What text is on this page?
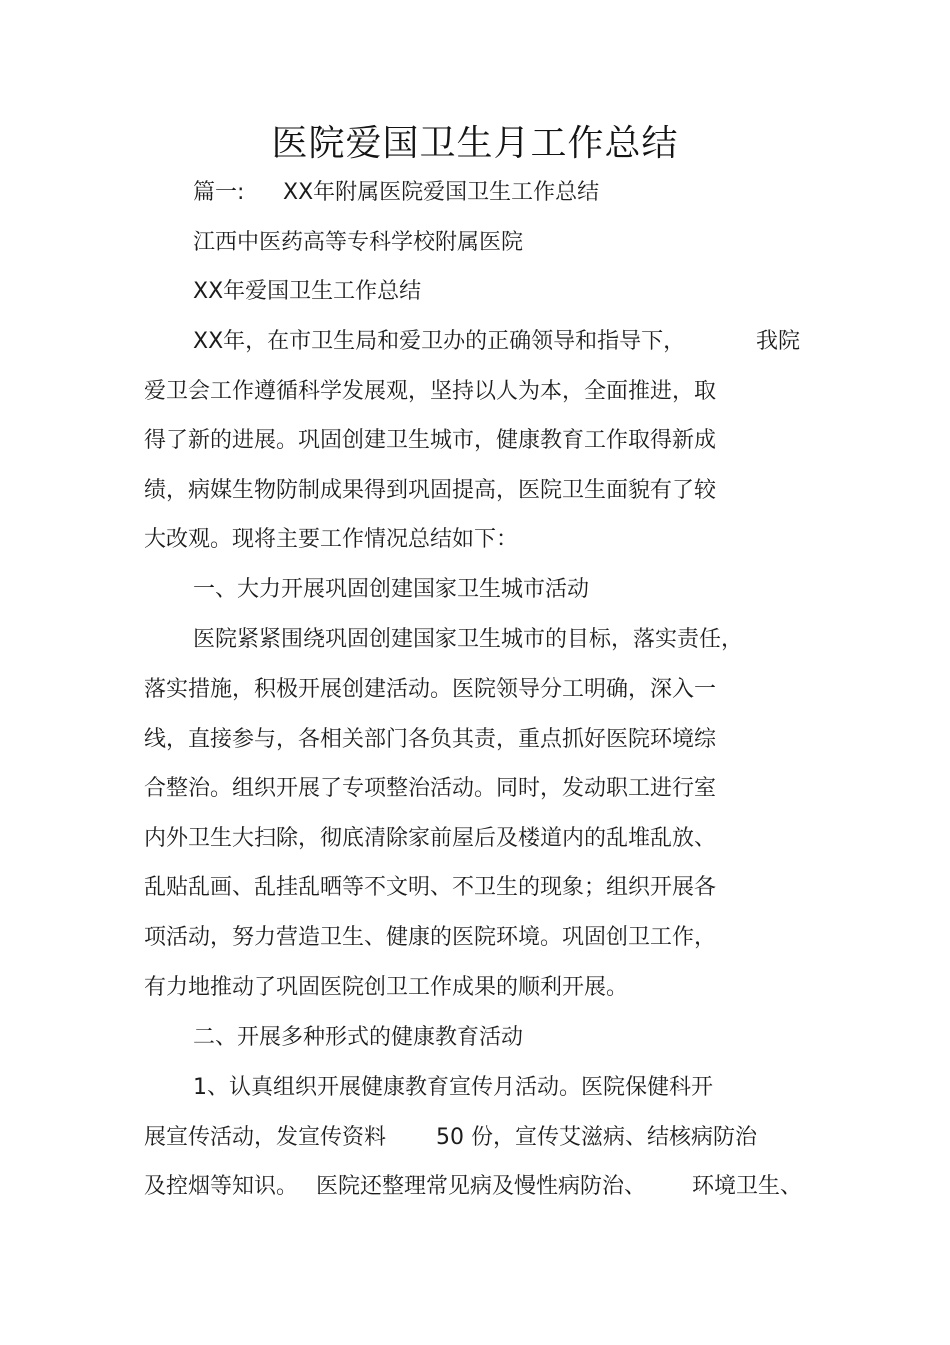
医院爱国卫生月工作总结
篇一: XX年附属医院爱国卫生工作总结
江西中医药高等专科学校附属医院
XX年爱国卫生工作总结
XX年，在市卫生局和爱卫办的正确领导和指导下，	我院
爱卫会工作遵循科学发展观，坚持以人为本，全面推进，取
得了新的进展。巩固创建卫生城市，健康教育工作取得新成
绩，病媒生物防制成果得到巩固提高，医院卫生面貌有了较
大改观。现将主要工作情况总结如下：
一、大力开展巩固创建国家卫生城市活动
医院紧紧围绕巩固创建国家卫生城市的目标，落实责任，
落实措施，积极开展创建活动。医院领导分工明确，深入一
线，直接参与，各相关部门各负其责，重点抓好医院环境综
合整治。组织开展了专项整治活动。同时，发动职工进行室
内外卫生大扫除，彻底清除家前屋后及楼道内的乱堆乱放、
乱贴乱画、乱挂乱晒等不文明、不卫生的现象；组织开展各
项活动，努力营造卫生、健康的医院环境。巩固创卫工作，
有力地推动了巩固医院创卫工作成果的顺利开展。
二、开展多种形式的健康教育活动
1、认真组织开展健康教育宣传月活动。医院保健科开
展宣传活动，发宣传资料 50 份，宣传艾滋病、结核病防治
及控烟等知识。 医院还整理常见病及慢性病防治、 环境卫生、
